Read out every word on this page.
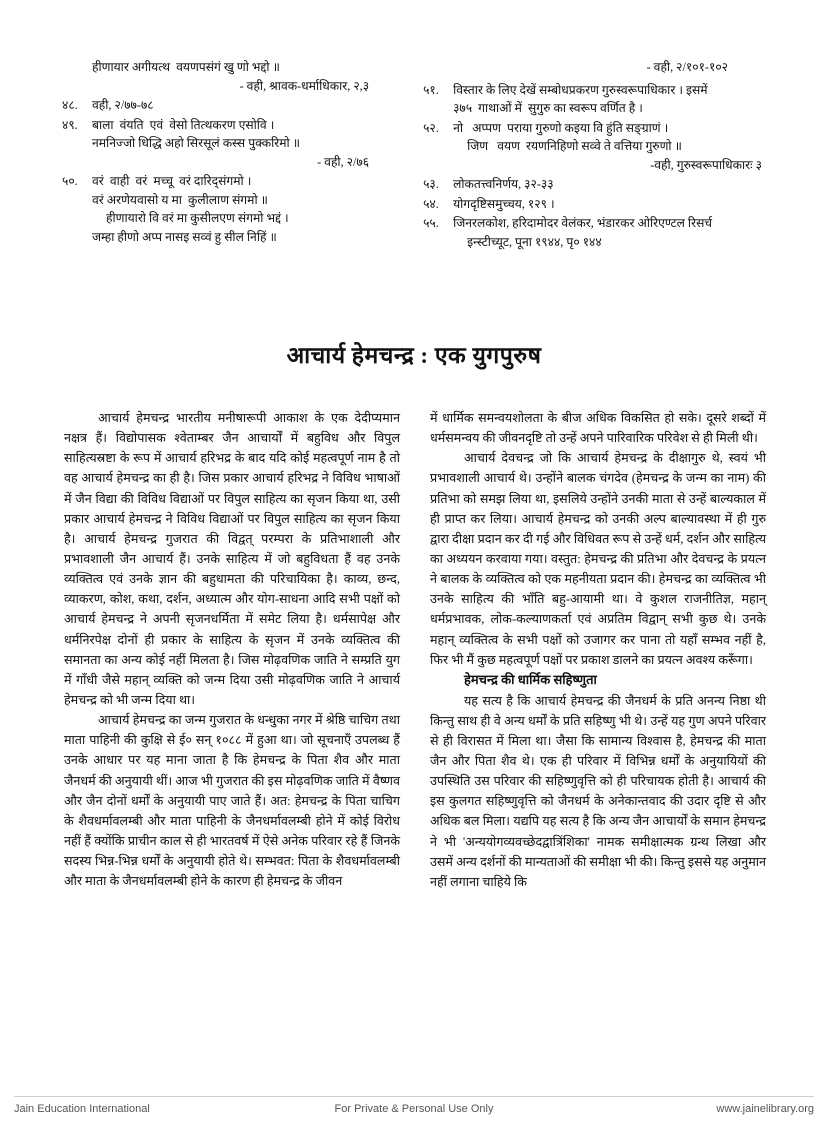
हीणायार अगीयत्थ  वयणपसंगं खु णो भद्दो ॥
- वही, श्रावक-धर्माधिकार, २,३
४८.	वही, २/७७-७८
४९.	बाला  वंयति  एवं  वेसो तित्थकरण एसोवि ।
नमनिज्जो धिद्धि अहो सिरसूलं कस्स पुक्करिमो ॥
- वही, २/७६
५०.	वरं  वाही  वरं  मच्चू  वरं दारिद्संगमो ।
वरं अरणेयवासो य मा  कुलीलाण संगमो ॥
हीणायारो वि वरं मा कुसीलएण संगमो भद्दं ।
जम्हा हीणो अप्प नासइ सव्वं हु सील निहिं ॥
- वही, २/१०१-१०२
५१.	विस्तार के लिए देखें सम्बोधप्रकरण गुरुस्वरूपाधिकार । इसमें
३७५  गाथाओं में  सुगुरु का स्वरूप वर्णित है ।
५२.	नो   अप्पण  पराया गुरुणो कइया वि हुंति सङ्ग्राणं ।
जिण   वयण  रयणनिहिणो सव्वे ते वत्तिया गुरुणो ॥
-वही, गुरुस्वरूपाधिकारः ३
५३.	लोकतत्त्वनिर्णय, ३२-३३
५४.	योगदृष्टिसमुच्चय, १२९ ।
५५.	जिनरलकोश, हरिदामोदर वेलंकर, भंडारकर ओरिएण्टल रिसर्च
इन्स्टीच्यूट, पूना १९४४, पृ० १४४
आचार्य हेमचन्द्र : एक युगपुरुष

आचार्य हेमचन्द्र भारतीय मनीषारूपी आकाश के एक देदीप्यमान नक्षत्र हैं। विद्योपासक श्वेताम्बर जैन आचार्यों में बहुविध और विपुल साहित्यस्रष्टा के रूप में आचार्य हरिभद्र के बाद यदि कोई महत्वपूर्ण नाम है तो वह आचार्य हेमचन्द्र का ही है। जिस प्रकार आचार्य हरिभद्र ने विविध भाषाओं में जैन विद्या की विविध विद्याओं पर विपुल साहित्य का सृजन किया था, उसी प्रकार आचार्य हेमचन्द्र ने विविध विद्याओं पर विपुल साहित्य का सृजन किया है। आचार्य हेमचन्द्र गुजरात की विद्वत् परम्परा के प्रतिभाशाली और प्रभावशाली जैन आचार्य हैं। उनके साहित्य में जो बहुविधता हैं वह उनके व्यक्तित्व एवं उनके ज्ञान की बहुधामता की परिचायिका है। काव्य, छन्द, व्याकरण, कोश, कथा, दर्शन, अध्यात्म और योग-साधना आदि सभी पक्षों को आचार्य हेमचन्द्र ने अपनी सृजनधर्मिता में समेट लिया है। धर्मसापेक्ष और धर्मनिरपेक्ष दोनों ही प्रकार के साहित्य के सृजन में उनके व्यक्तित्व की समानता का अन्य कोई नहीं मिलता है। जिस मोढ़वणिक जाति ने सम्प्रति युग में गाँधी जैसे महान् व्यक्ति को जन्म दिया उसी मोढ़वणिक जाति ने आचार्य हेमचन्द्र को भी जन्म दिया था।

आचार्य हेमचन्द्र का जन्म गुजरात के धन्धुका नगर में श्रेष्ठि चाचिग तथा माता पाहिनी की कुक्षि से ई० सन् १०८८ में हुआ था। जो सूचनाएँ उपलब्ध हैं उनके आधार पर यह माना जाता है कि हेमचन्द्र के पिता शैव और माता जैनधर्म की अनुयायी थीं। आज भी गुजरात की इस मोढ़वणिक जाति में वैष्णव और जैन दोनों धर्मों के अनुयायी पाए जाते हैं। अत: हेमचन्द्र के पिता चाचिग के शैवधर्मावलम्बी और माता पाहिनी के जैनधर्मावलम्बी होने में कोई विरोध नहीं हैं क्योंकि प्राचीन काल से ही भारतवर्ष में ऐसे अनेक परिवार रहे हैं जिनके सदस्य भिन्न-भिन्न धर्मों के अनुयायी होते थे। सम्भवत: पिता के शैवधर्मावलम्बी और माता के जैनधर्मावलम्बी होने के कारण ही हेमचन्द्र के जीवन

में धार्मिक समन्वयशोलता के बीज अधिक विकसित हो सके। दूसरे शब्दों में धर्मसमन्वय की जीवनदृष्टि तो उन्हें अपने पारिवारिक परिवेश से ही मिली थी।

आचार्य देवचन्द्र जो कि आचार्य हेमचन्द्र के दीक्षागुरु थे, स्वयं भी प्रभावशाली आचार्य थे। उन्होंने बालक चंगदेव (हेमचन्द्र के जन्म का नाम) की प्रतिभा को समझ लिया था, इसलिये उन्होंने उनकी माता से उन्हें बाल्यकाल में ही प्राप्त कर लिया। आचार्य हेमचन्द्र को उनकी अल्प बाल्यावस्था में ही गुरु द्वारा दीक्षा प्रदान कर दी गई और विधिवत रूप से उन्हें धर्म, दर्शन और साहित्य का अध्ययन करवाया गया। वस्तुत: हेमचन्द्र की प्रतिभा और देवचन्द्र के प्रयत्न ने बालक के व्यक्तित्व को एक महनीयता प्रदान की। हेमचन्द्र का व्यक्तित्व भी उनके साहित्य की भाँति बहु-आयामी था। वे कुशल राजनीतिज्ञ, महान् धर्मप्रभावक, लोक-कल्याणकर्ता एवं अप्रतिम विद्वान् सभी कुछ थे। उनके महान् व्यक्तित्व के सभी पक्षों को उजागर कर पाना तो यहाँ सम्भव नहीं है, फिर भी मैं कुछ महत्वपूर्ण पक्षों पर प्रकाश डालने का प्रयत्न अवश्य करूँगा।

हेमचन्द्र की धार्मिक सहिष्णुता

यह सत्य है कि आचार्य हेमचन्द्र की जैनधर्म के प्रति अनन्य निष्ठा थी किन्तु साथ ही वे अन्य धर्मों के प्रति सहिष्णु भी थे। उन्हें यह गुण अपने परिवार से ही विरासत में मिला था। जैसा कि सामान्य विश्वास है, हेमचन्द्र की माता जैन और पिता शैव थे। एक ही परिवार में विभिन्न धर्मों के अनुयायियों की उपस्थिति उस परिवार की सहिष्णुवृत्ति को ही परिचायक होती है। आचार्य की इस कुलगत सहिष्णुवृत्ति को जैनधर्म के अनेकान्तवाद की उदार दृष्टि से और अधिक बल मिला। यद्यपि यह सत्य है कि अन्य जैन आचार्यों के समान हेमचन्द्र ने भी 'अन्ययोगव्यवच्छेदद्वात्रिंशिका' नामक समीक्षात्मक ग्रन्थ लिखा और उसमें अन्य दर्शनों की मान्यताओं की समीक्षा भी की। किन्तु इससे यह अनुमान नहीं लगाना चाहिये कि

Jain Education International	For Private & Personal Use Only	www.jainelibrary.org
